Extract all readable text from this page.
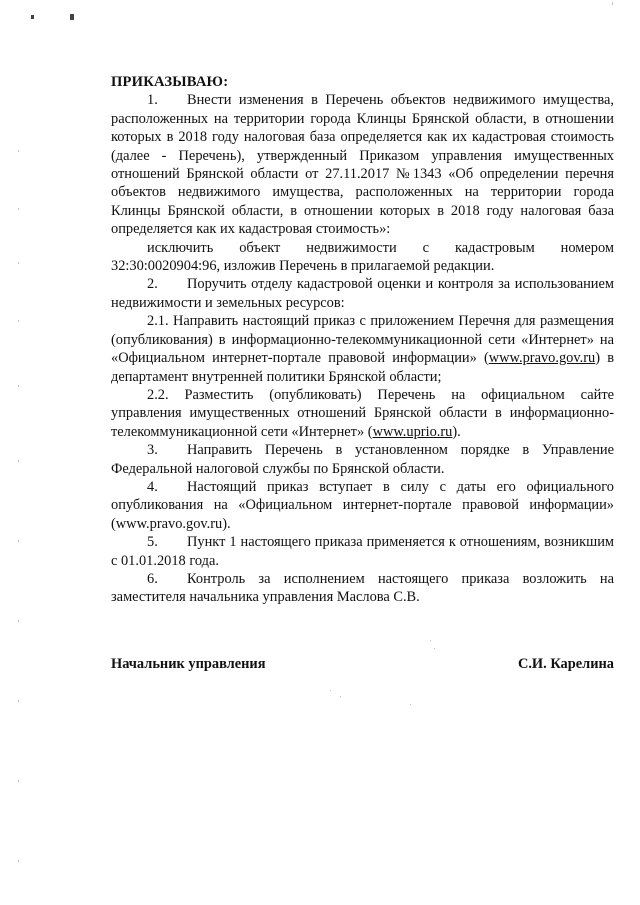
ПРИКАЗЫВАЮ:

1. Внести изменения в Перечень объектов недвижимого имущества, расположенных на территории города Клинцы Брянской области, в отношении которых в 2018 году налоговая база определяется как их кадастровая стоимость (далее - Перечень), утвержденный Приказом управления имущественных отношений Брянской области от 27.11.2017 №1343 «Об определении перечня объектов недвижимого имущества, расположенных на территории города Клинцы Брянской области, в отношении которых в 2018 году налоговая база определяется как их кадастровая стоимость»:

исключить объект недвижимости с кадастровым номером 32:30:0020904:96, изложив Перечень в прилагаемой редакции.

2. Поручить отделу кадастровой оценки и контроля за использованием недвижимости и земельных ресурсов:

2.1. Направить настоящий приказ с приложением Перечня для размещения (опубликования) в информационно-телекоммуникационной сети «Интернет» на «Официальном интернет-портале правовой информации» (www.pravo.gov.ru) в департамент внутренней политики Брянской области;

2.2. Разместить (опубликовать) Перечень на официальном сайте управления имущественных отношений Брянской области в информационно-телекоммуникационной сети «Интернет» (www.uprio.ru).

3. Направить Перечень в установленном порядке в Управление Федеральной налоговой службы по Брянской области.

4. Настоящий приказ вступает в силу с даты его официального опубликования на «Официальном интернет-портале правовой информации» (www.pravo.gov.ru).

5. Пункт 1 настоящего приказа применяется к отношениям, возникшим с 01.01.2018 года.

6. Контроль за исполнением настоящего приказа возложить на заместителя начальника управления Маслова С.В.

Начальник управления	С.И. Карелина
